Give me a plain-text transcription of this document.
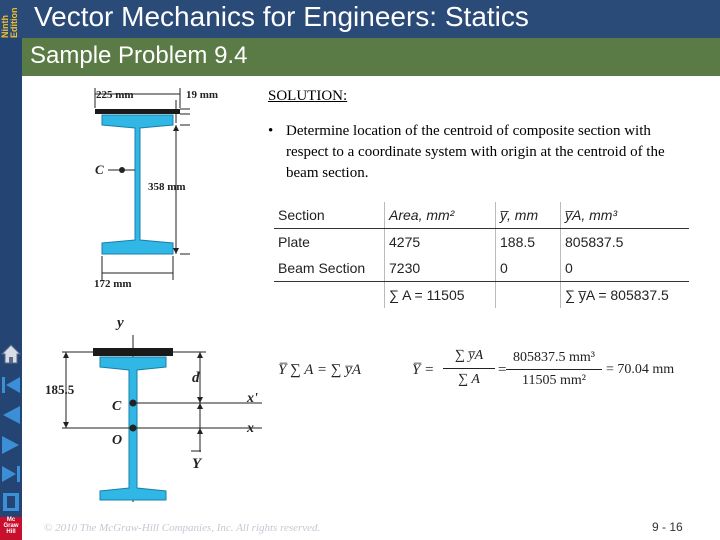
Ninth Edition Vector Mechanics for Engineers: Statics
Sample Problem 9.4
Mc Graw Hill
225 mm	19 mm
C
358 mm
172 mm
y
C
O
x'
x
185.5
d
Y
SOLUTION:
• Determine location of the centroid of composite section with respect to a coordinate system with origin at the centroid of the beam section.
Section	Area, mm²	y̅, mm	y̅A, mm³
Plate	4275	188.5	805837.5
Beam Section	7230	0	0
	∑ A = 11505		∑ y̅A = 805837.5
Y̅ ∑ A = ∑ y̅A	Y̅ =
∑ y̅A
∑ A
=
805837.5 mm³
11505 mm²
= 70.04 mm
© 2010 The McGraw-Hill Companies, Inc. All rights reserved.	9 - 16
